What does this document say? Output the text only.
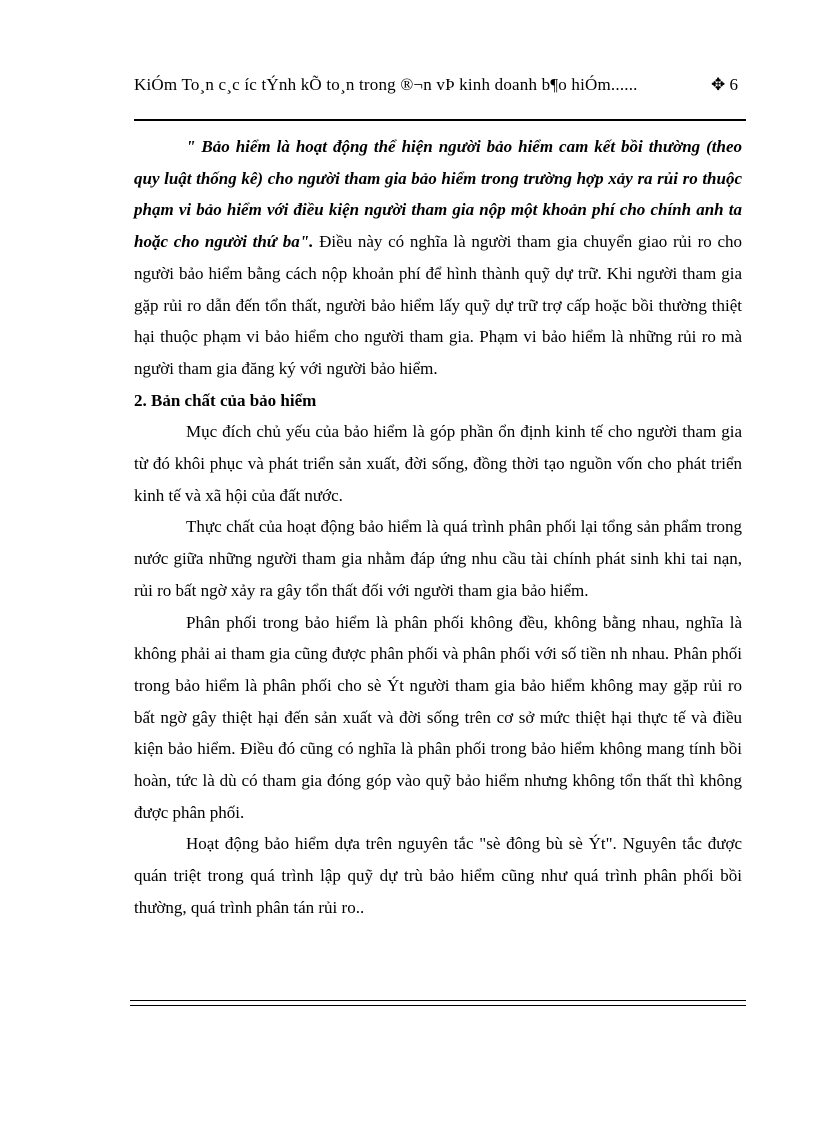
KiÓm To¸n c¸c íc tÝnh kÕ to¸n trong ®¬n vÞ kinh doanh b¶o hiÓm......	✥ 6

" Bảo hiểm là hoạt động thể hiện người bảo hiểm cam kết bồi thường (theo quy luật thống kê) cho người tham gia bảo hiểm trong trường hợp xảy ra rủi ro thuộc phạm vi bảo hiểm với điều kiện người tham gia nộp một khoản phí cho chính anh ta hoặc cho người thứ ba". Điều này có nghĩa là người tham gia chuyển giao rủi ro cho người bảo hiểm bằng cách nộp khoản phí để hình thành quỹ dự trữ. Khi người tham gia gặp rủi ro dẫn đến tổn thất, người bảo hiểm lấy quỹ dự trữ trợ cấp hoặc bồi thường thiệt hại thuộc phạm vi bảo hiểm cho người tham gia. Phạm vi bảo hiểm là những rủi ro mà người tham gia đăng ký với người bảo hiểm.

2. Bản chất của bảo hiểm

Mục đích chủ yếu của bảo hiểm là góp phần ổn định kinh tế cho người tham gia từ đó khôi phục và phát triển sản xuất, đời sống, đồng thời tạo nguồn vốn cho phát triển kinh tế và xã hội của đất nước.

Thực chất của hoạt động bảo hiểm là quá trình phân phối lại tổng sản phẩm trong nước giữa những người tham gia nhằm đáp ứng nhu cầu tài chính phát sinh khi tai nạn, rủi ro bất ngờ xảy ra gây tổn thất đối với người tham gia bảo hiểm.

Phân phối trong bảo hiểm là phân phối không đều, không bằng nhau, nghĩa là không phải ai tham gia cũng được phân phối và phân phối với số tiền nh nhau. Phân phối trong bảo hiểm là phân phối cho sè Ýt người tham gia bảo hiểm không may gặp rủi ro bất ngờ gây thiệt hại đến sản xuất và đời sống trên cơ sở mức thiệt hại thực tế và điều kiện bảo hiểm. Điều đó cũng có nghĩa là phân phối trong bảo hiểm không mang tính bồi hoàn, tức là dù có tham gia đóng góp vào quỹ bảo hiểm nhưng không tổn thất thì không được phân phối.

Hoạt động bảo hiểm dựa trên nguyên tắc "sè đông bù sè Ýt". Nguyên tắc được quán triệt trong quá trình lập quỹ dự trù bảo hiểm cũng như quá trình phân phối bồi thường, quá trình phân tán rủi ro..
